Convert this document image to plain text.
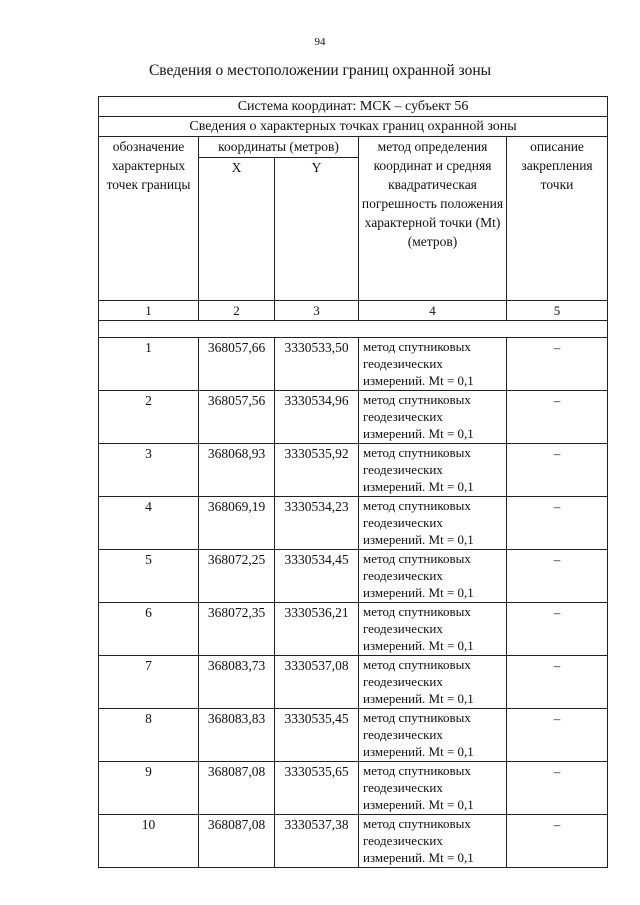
94
Сведения о местоположении границ охранной зоны
Система координат: МСК – субъект 56				
Сведения о характерных точках границ охранной зоны				
обозначение характерных точек границы	координаты (метров)		метод определения координат и средняя квадратическая погрешность положения характерной точки (Mt) (метров)	описание закрепления точки
	X	Y		
1	2	3	4	5

1	368057,66	3330533,50	метод спутниковых геодезических измерений. Mt = 0,1	–
2	368057,56	3330534,96	метод спутниковых геодезических измерений. Mt = 0,1	–
3	368068,93	3330535,92	метод спутниковых геодезических измерений. Mt = 0,1	–
4	368069,19	3330534,23	метод спутниковых геодезических измерений. Mt = 0,1	–
5	368072,25	3330534,45	метод спутниковых геодезических измерений. Mt = 0,1	–
6	368072,35	3330536,21	метод спутниковых геодезических измерений. Mt = 0,1	–
7	368083,73	3330537,08	метод спутниковых геодезических измерений. Mt = 0,1	–
8	368083,83	3330535,45	метод спутниковых геодезических измерений. Mt = 0,1	–
9	368087,08	3330535,65	метод спутниковых геодезических измерений. Mt = 0,1	–
10	368087,08	3330537,38	метод спутниковых геодезических измерений. Mt = 0,1	–
